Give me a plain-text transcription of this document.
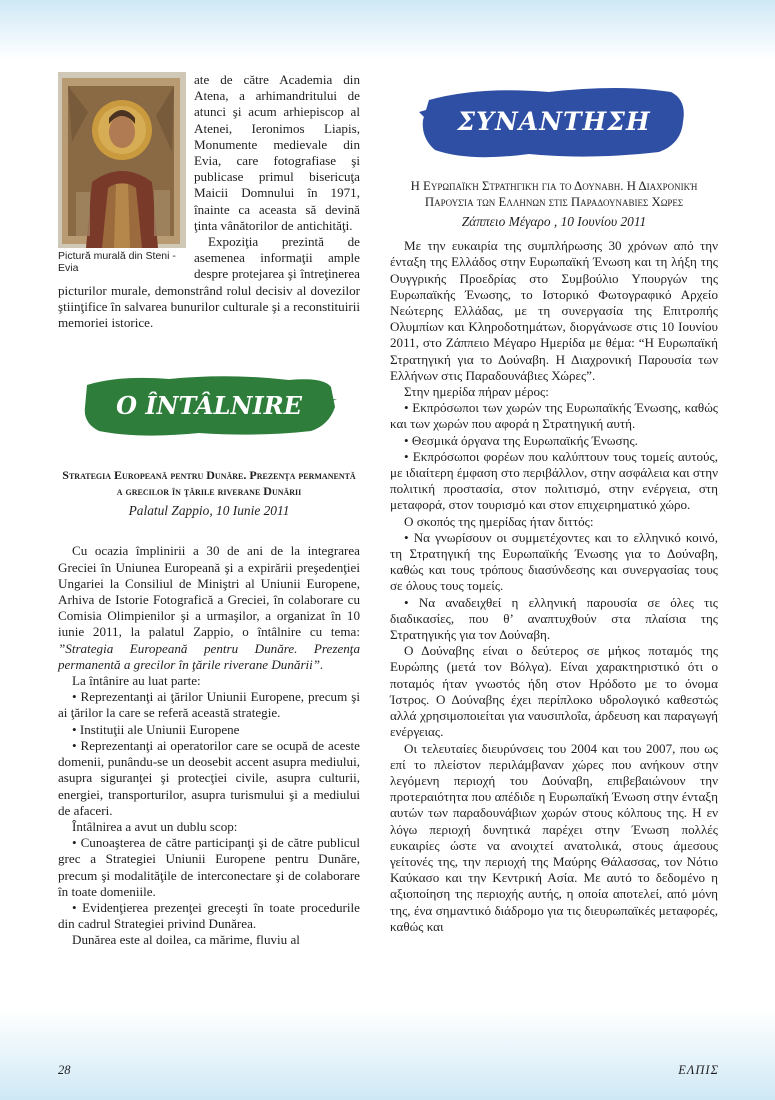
Pictură murală din Steni - Evia

ate de către Academia din Atena, a arhimandritului de atunci şi acum arhiepiscop al Atenei, Ieronimos Liapis, Monumente medievale din Evia, care fotografiase şi publicase primul bisericuţa Maicii Domnului în 1971, înainte ca aceasta să devină ţinta vânătorilor de antichităţi.

Expoziţia prezintă de asemenea informaţii ample despre protejarea şi întreţinerea picturilor murale, demonstrând rolul decisiv al dovezilor ştiinţifice în salvarea bunurilor culturale şi a reconstituirii memoriei istorice.

O ÎNTÂLNIRE
Strategia Europeană pentru Dunăre. Prezenţa permanentă a grecilor în ţările riverane Dunării
Palatul Zappio, 10 Iunie 2011

Cu ocazia împlinirii a 30 de ani de la integrarea Greciei în Uniunea Europeană şi a expirării preşedenţiei Ungariei la Consiliul de Miniştri al Uniunii Europene, Arhiva de Istorie Fotografică a Greciei, în colaborare cu Comisia Olimpienilor şi a urmaşilor, a organizat în 10 iunie 2011, la palatul Zappio, o întâlnire cu tema: ”Strategia Europeană pentru Dunăre. Prezenţa permanentă a grecilor în ţările riverane Dunării”.

La întânire au luat parte:

• Reprezentanţi ai ţărilor Uniunii Europene, precum şi ai ţărilor la care se referă această strategie.

• Instituţii ale Uniunii Europene

• Reprezentanţi ai operatorilor care se ocupă de aceste domenii, punându-se un deosebit accent asupra mediului, asupra siguranţei şi protecţiei civile, asupra culturii, energiei, transporturilor, asupra turismului şi a mediului de afaceri.

Întâlnirea a avut un dublu scop:

• Cunoaşterea de către participanţi şi de către publicul grec a Strategiei Uniunii Europene pentru Dunăre, precum şi modalităţile de interconectare şi de colaborare în toate domeniile.

• Evidenţierea prezenţei greceşti în toate procedurile din cadrul Strategiei privind Dunărea.

Dunărea este al doilea, ca mărime, fluviu al

ΣΥΝΑΝΤΗΣΗ
Η Ευρωπαϊκή Στρατηγική για το Δουναβη. Η Διαχρονική Παρουσία των Ελληνων στις Παραδουναβιες Χωρες
Ζάππειο Μέγαρο , 10 Ιουνίου 2011

Με την ευκαιρία της συμπλήρωσης 30 χρόνων από την ένταξη της Ελλάδος στην Ευρωπαϊκή Ένωση και τη λήξη της Ουγγρικής Προεδρίας στο Συμβούλιο Υπουργών της Ευρωπαϊκής Ένωσης, το Ιστορικό Φωτογραφικό Αρχείο Νεώτερης Ελλάδας, με τη συνεργασία της Επιτροπής Ολυμπίων και Κληροδοτημάτων, διοργάνωσε στις 10 Ιουνίου 2011, στο Ζάππειο Μέγαρο Ημερίδα με θέμα: “Η Ευρωπαϊκή Στρατηγική για το Δούναβη. Η Διαχρονική Παρουσία των Ελλήνων στις Παραδουνάβιες Χώρες”.

Στην ημερίδα πήραν μέρος:

• Εκπρόσωποι των χωρών της Ευρωπαϊκής Ένωσης, καθώς και των χωρών που αφορά η Στρατηγική αυτή.

• Θεσμικά όργανα της Ευρωπαϊκής Ένωσης.

• Εκπρόσωποι φορέων που καλύπτουν τους τομείς αυτούς, με ιδιαίτερη έμφαση στο περιβάλλον, στην ασφάλεια και στην πολιτική προστασία, στον πολιτισμό, στην ενέργεια, στη μεταφορά, στον τουρισμό και στον επιχειρηματικό χώρο.

Ο σκοπός της ημερίδας ήταν διττός:

• Να γνωρίσουν οι συμμετέχοντες και το ελληνικό κοινό, τη Στρατηγική της Ευρωπαϊκής Ένωσης για το Δούναβη, καθώς και τους τρόπους διασύνδεσης και συνεργασίας τους σε όλους τους τομείς.

• Να αναδειχθεί η ελληνική παρουσία σε όλες τις διαδικασίες, που θ’ αναπτυχθούν στα πλαίσια της Στρατηγικής για τον Δούναβη.

Ο Δούναβης είναι ο δεύτερος σε μήκος ποταμός της Ευρώπης (μετά τον Βόλγα). Είναι χαρακτηριστικό ότι ο ποταμός ήταν γνωστός ήδη στον Ηρόδοτο με το όνομα Ίστρος. Ο Δούναβης έχει περίπλοκο υδρολογικό καθεστώς αλλά χρησιμοποιείται για ναυσιπλοΐα, άρδευση και παραγωγή ενέργειας.

Οι τελευταίες διευρύνσεις του 2004 και του 2007, που ως επί το πλείστον περιλάμβαναν χώρες που ανήκουν στην λεγόμενη περιοχή του Δούναβη, επιβεβαιώνουν την προτεραιότητα που απέδιδε η Ευρωπαϊκή Ένωση στην ένταξη αυτών των παραδουνάβιων χωρών στους κόλπους της. Η εν λόγω περιοχή δυνητικά παρέχει στην Ένωση πολλές ευκαιρίες ώστε να ανοιχτεί ανατολικά, στους άμεσους γείτονές της, την περιοχή της Μαύρης Θάλασσας, τον Νότιο Καύκασο και την Κεντρική Ασία. Με αυτό το δεδομένο η αξιοποίηση της περιοχής αυτής, η οποία αποτελεί, από μόνη της, ένα σημαντικό διάδρομο για τις διευρωπαϊκές μεταφορές, καθώς και

28	ΕΛΠΙΣ
